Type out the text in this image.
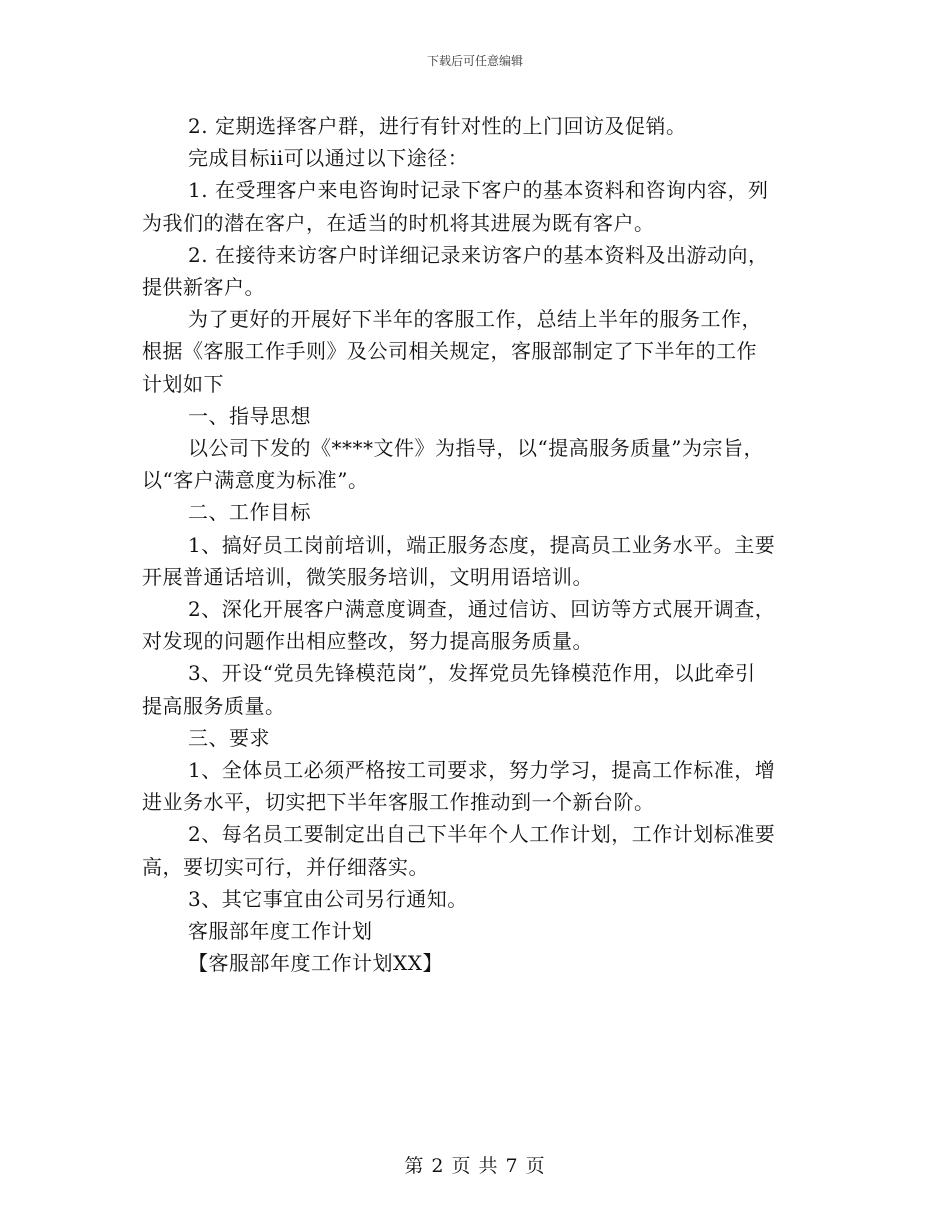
下载后可任意编辑
2. 定期选择客户群，进行有针对性的上门回访及促销。
完成目标ii可以通过以下途径：
1. 在受理客户来电咨询时记录下客户的基本资料和咨询内容，列
为我们的潜在客户，在适当的时机将其进展为既有客户。
2. 在接待来访客户时详细记录来访客户的基本资料及出游动向，
提供新客户。
为了更好的开展好下半年的客服工作，总结上半年的服务工作，
根据《客服工作手则》及公司相关规定，客服部制定了下半年的工作
计划如下
一、指导思想
以公司下发的《****文件》为指导，以“提高服务质量”为宗旨，
以“客户满意度为标准”。
二、工作目标
1、搞好员工岗前培训，端正服务态度，提高员工业务水平。主要
开展普通话培训，微笑服务培训，文明用语培训。
2、深化开展客户满意度调查，通过信访、回访等方式展开调查，
对发现的问题作出相应整改，努力提高服务质量。
3、开设“党员先锋模范岗”，发挥党员先锋模范作用，以此牵引
提高服务质量。
三、要求
1、全体员工必须严格按工司要求，努力学习，提高工作标准，增
进业务水平，切实把下半年客服工作推动到一个新台阶。
2、每名员工要制定出自己下半年个人工作计划，工作计划标准要
高，要切实可行，并仔细落实。
3、其它事宜由公司另行通知。
客服部年度工作计划
【客服部年度工作计划XX】
第 2 页 共 7 页
